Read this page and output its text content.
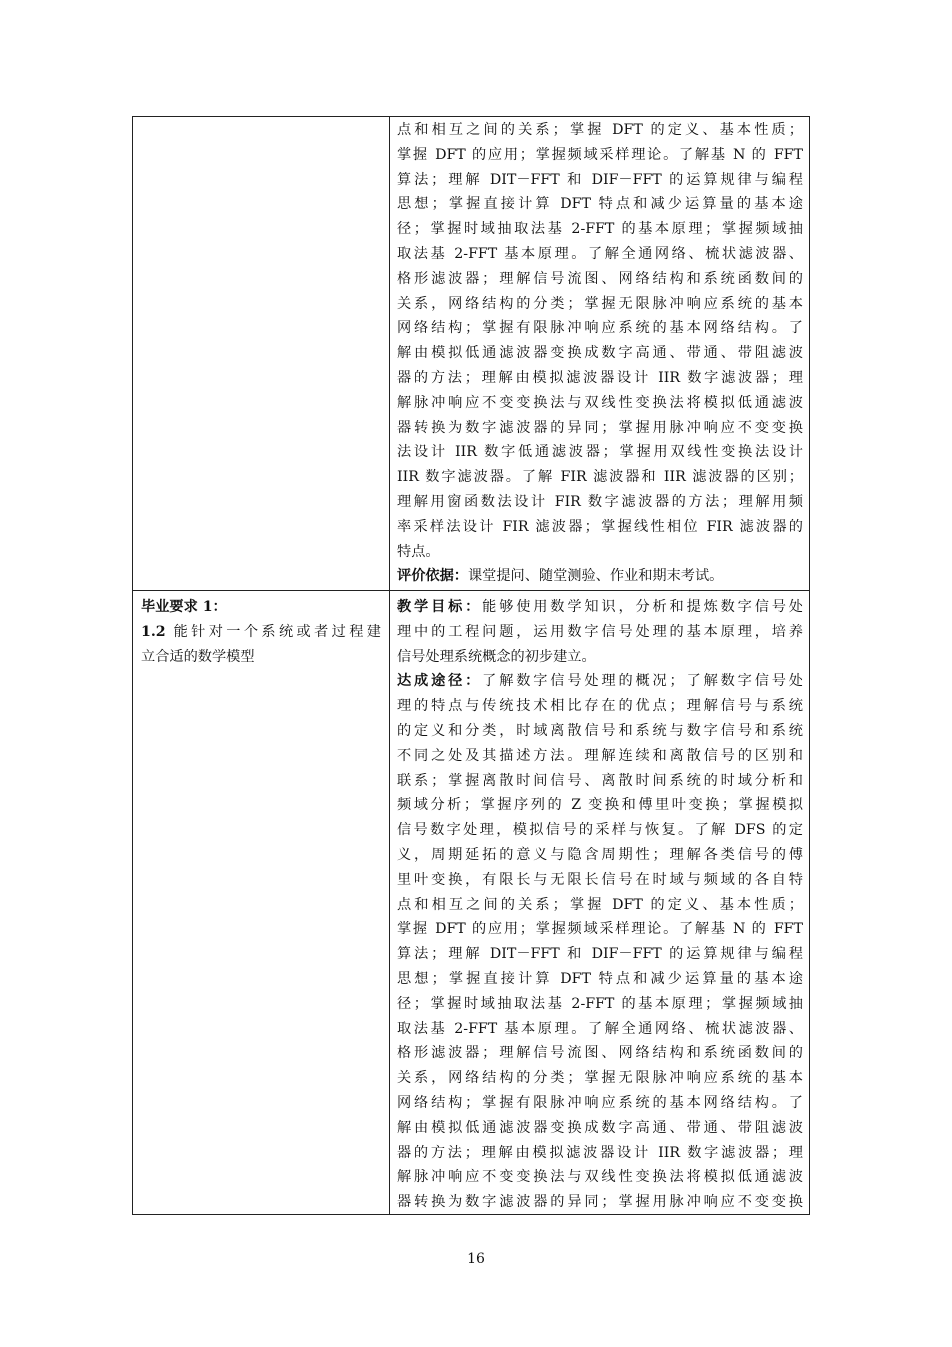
点和相互之间的关系；掌握 DFT 的定义、基本性质；
掌握 DFT 的应用；掌握频域采样理论。了解基 N 的 FFT
算法；理解 DIT－FFT 和 DIF－FFT 的运算规律与编程
思想；掌握直接计算 DFT 特点和减少运算量的基本途
径；掌握时域抽取法基 2-FFT 的基本原理；掌握频域抽
取法基 2-FFT 基本原理。了解全通网络、梳状滤波器、
格形滤波器；理解信号流图、网络结构和系统函数间的
关系，网络结构的分类；掌握无限脉冲响应系统的基本
网络结构；掌握有限脉冲响应系统的基本网络结构。了
解由模拟低通滤波器变换成数字高通、带通、带阻滤波
器的方法；理解由模拟滤波器设计 IIR 数字滤波器；理
解脉冲响应不变变换法与双线性变换法将模拟低通滤波
器转换为数字滤波器的异同；掌握用脉冲响应不变变换
法设计 IIR 数字低通滤波器；掌握用双线性变换法设计
IIR 数字滤波器。了解 FIR 滤波器和 IIR 滤波器的区别；
理解用窗函数法设计 FIR 数字滤波器的方法；理解用频
率采样法设计 FIR 滤波器；掌握线性相位 FIR 滤波器的
特点。
评价依据：课堂提问、随堂测验、作业和期末考试。
毕业要求 1：
1.2 能针对一个系统或者过程建
立合适的数学模型
教学目标：能够使用数学知识，分析和提炼数字信号处
理中的工程问题，运用数字信号处理的基本原理，培养
信号处理系统概念的初步建立。
达成途径：了解数字信号处理的概况；了解数字信号处
理的特点与传统技术相比存在的优点；理解信号与系统
的定义和分类，时域离散信号和系统与数字信号和系统
不同之处及其描述方法。理解连续和离散信号的区别和
联系；掌握离散时间信号、离散时间系统的时域分析和
频域分析；掌握序列的 Z 变换和傅里叶变换；掌握模拟
信号数字处理，模拟信号的采样与恢复。了解 DFS 的定
义，周期延拓的意义与隐含周期性；理解各类信号的傅
里叶变换，有限长与无限长信号在时域与频域的各自特
点和相互之间的关系；掌握 DFT 的定义、基本性质；
掌握 DFT 的应用；掌握频域采样理论。了解基 N 的 FFT
算法；理解 DIT－FFT 和 DIF－FFT 的运算规律与编程
思想；掌握直接计算 DFT 特点和减少运算量的基本途
径；掌握时域抽取法基 2-FFT 的基本原理；掌握频域抽
取法基 2-FFT 基本原理。了解全通网络、梳状滤波器、
格形滤波器；理解信号流图、网络结构和系统函数间的
关系，网络结构的分类；掌握无限脉冲响应系统的基本
网络结构；掌握有限脉冲响应系统的基本网络结构。了
解由模拟低通滤波器变换成数字高通、带通、带阻滤波
器的方法；理解由模拟滤波器设计 IIR 数字滤波器；理
解脉冲响应不变变换法与双线性变换法将模拟低通滤波
器转换为数字滤波器的异同；掌握用脉冲响应不变变换
16
